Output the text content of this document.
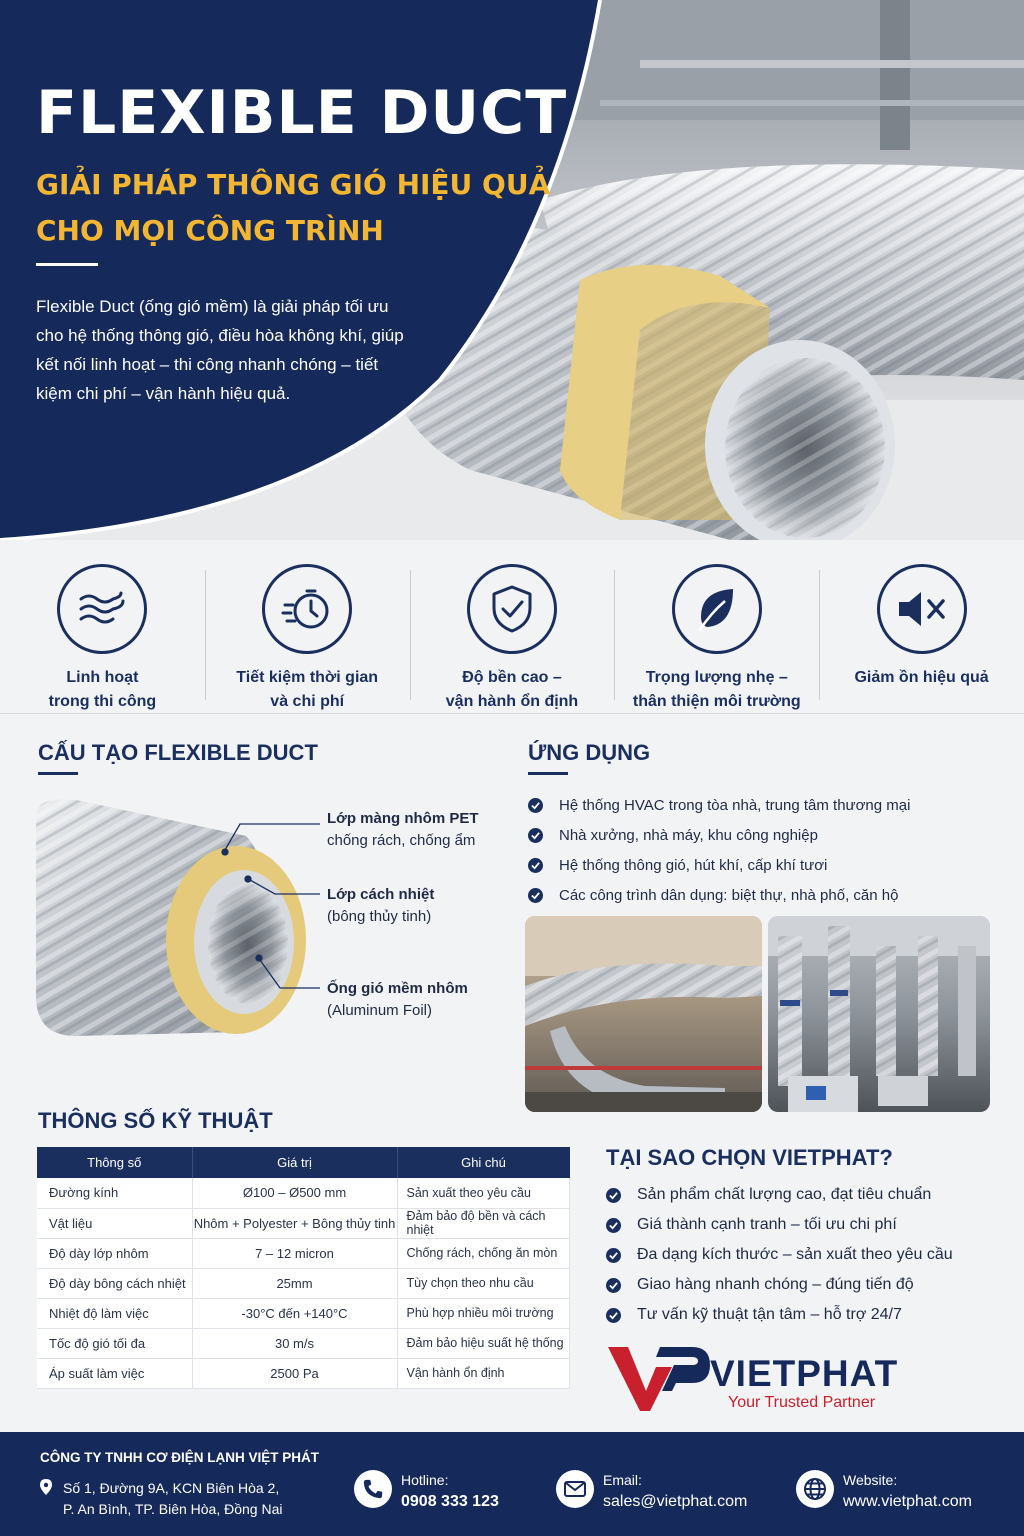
FLEXIBLE DUCT
GIẢI PHÁP THÔNG GIÓ HIỆU QUẢ
CHO MỌI CÔNG TRÌNH
Flexible Duct (ống gió mềm) là giải pháp tối ưu cho hệ thống thông gió, điều hòa không khí, giúp kết nối linh hoạt – thi công nhanh chóng – tiết kiệm chi phí – vận hành hiệu quả.
Linh hoạt
trong thi công
Tiết kiệm thời gian
và chi phí
Độ bền cao –
vận hành ổn định
Trọng lượng nhẹ –
thân thiện môi trường
Giảm ồn hiệu quả
CẤU TẠO FLEXIBLE DUCT
Lớp màng nhôm PET
chống rách, chống ẩm
Lớp cách nhiệt
(bông thủy tinh)
Ống gió mềm nhôm
(Aluminum Foil)
ỨNG DỤNG
Hệ thống HVAC trong tòa nhà, trung tâm thương mại
Nhà xưởng, nhà máy, khu công nghiệp
Hệ thống thông gió, hút khí, cấp khí tươi
Các công trình dân dụng: biệt thự, nhà phố, căn hộ
THÔNG SỐ KỸ THUẬT
Thông số	Giá trị	Ghi chú
Đường kính	Ø100 – Ø500 mm	Sản xuất theo yêu cầu
Vật liệu	Nhôm + Polyester + Bông thủy tinh	Đảm bảo độ bền và cách nhiệt
Độ dày lớp nhôm	7 – 12 micron	Chống rách, chống ăn mòn
Độ dày bông cách nhiệt	25mm	Tùy chọn theo nhu cầu
Nhiệt độ làm việc	-30°C đến +140°C	Phù hợp nhiều môi trường
Tốc độ gió tối đa	30 m/s	Đảm bảo hiệu suất hệ thống
Áp suất làm việc	2500 Pa	Vận hành ổn định
TẠI SAO CHỌN VIETPHAT?
Sản phẩm chất lượng cao, đạt tiêu chuẩn
Giá thành cạnh tranh – tối ưu chi phí
Đa dạng kích thước – sản xuất theo yêu cầu
Giao hàng nhanh chóng – đúng tiến độ
Tư vấn kỹ thuật tận tâm – hỗ trợ 24/7
VIETPHAT
Your Trusted Partner
CÔNG TY TNHH CƠ ĐIỆN LẠNH VIỆT PHÁT
Số 1, Đường 9A, KCN Biên Hòa 2,
P. An Bình, TP. Biên Hòa, Đồng Nai
Hotline:
0908 333 123
Email:
sales@vietphat.com
Website:
www.vietphat.com
